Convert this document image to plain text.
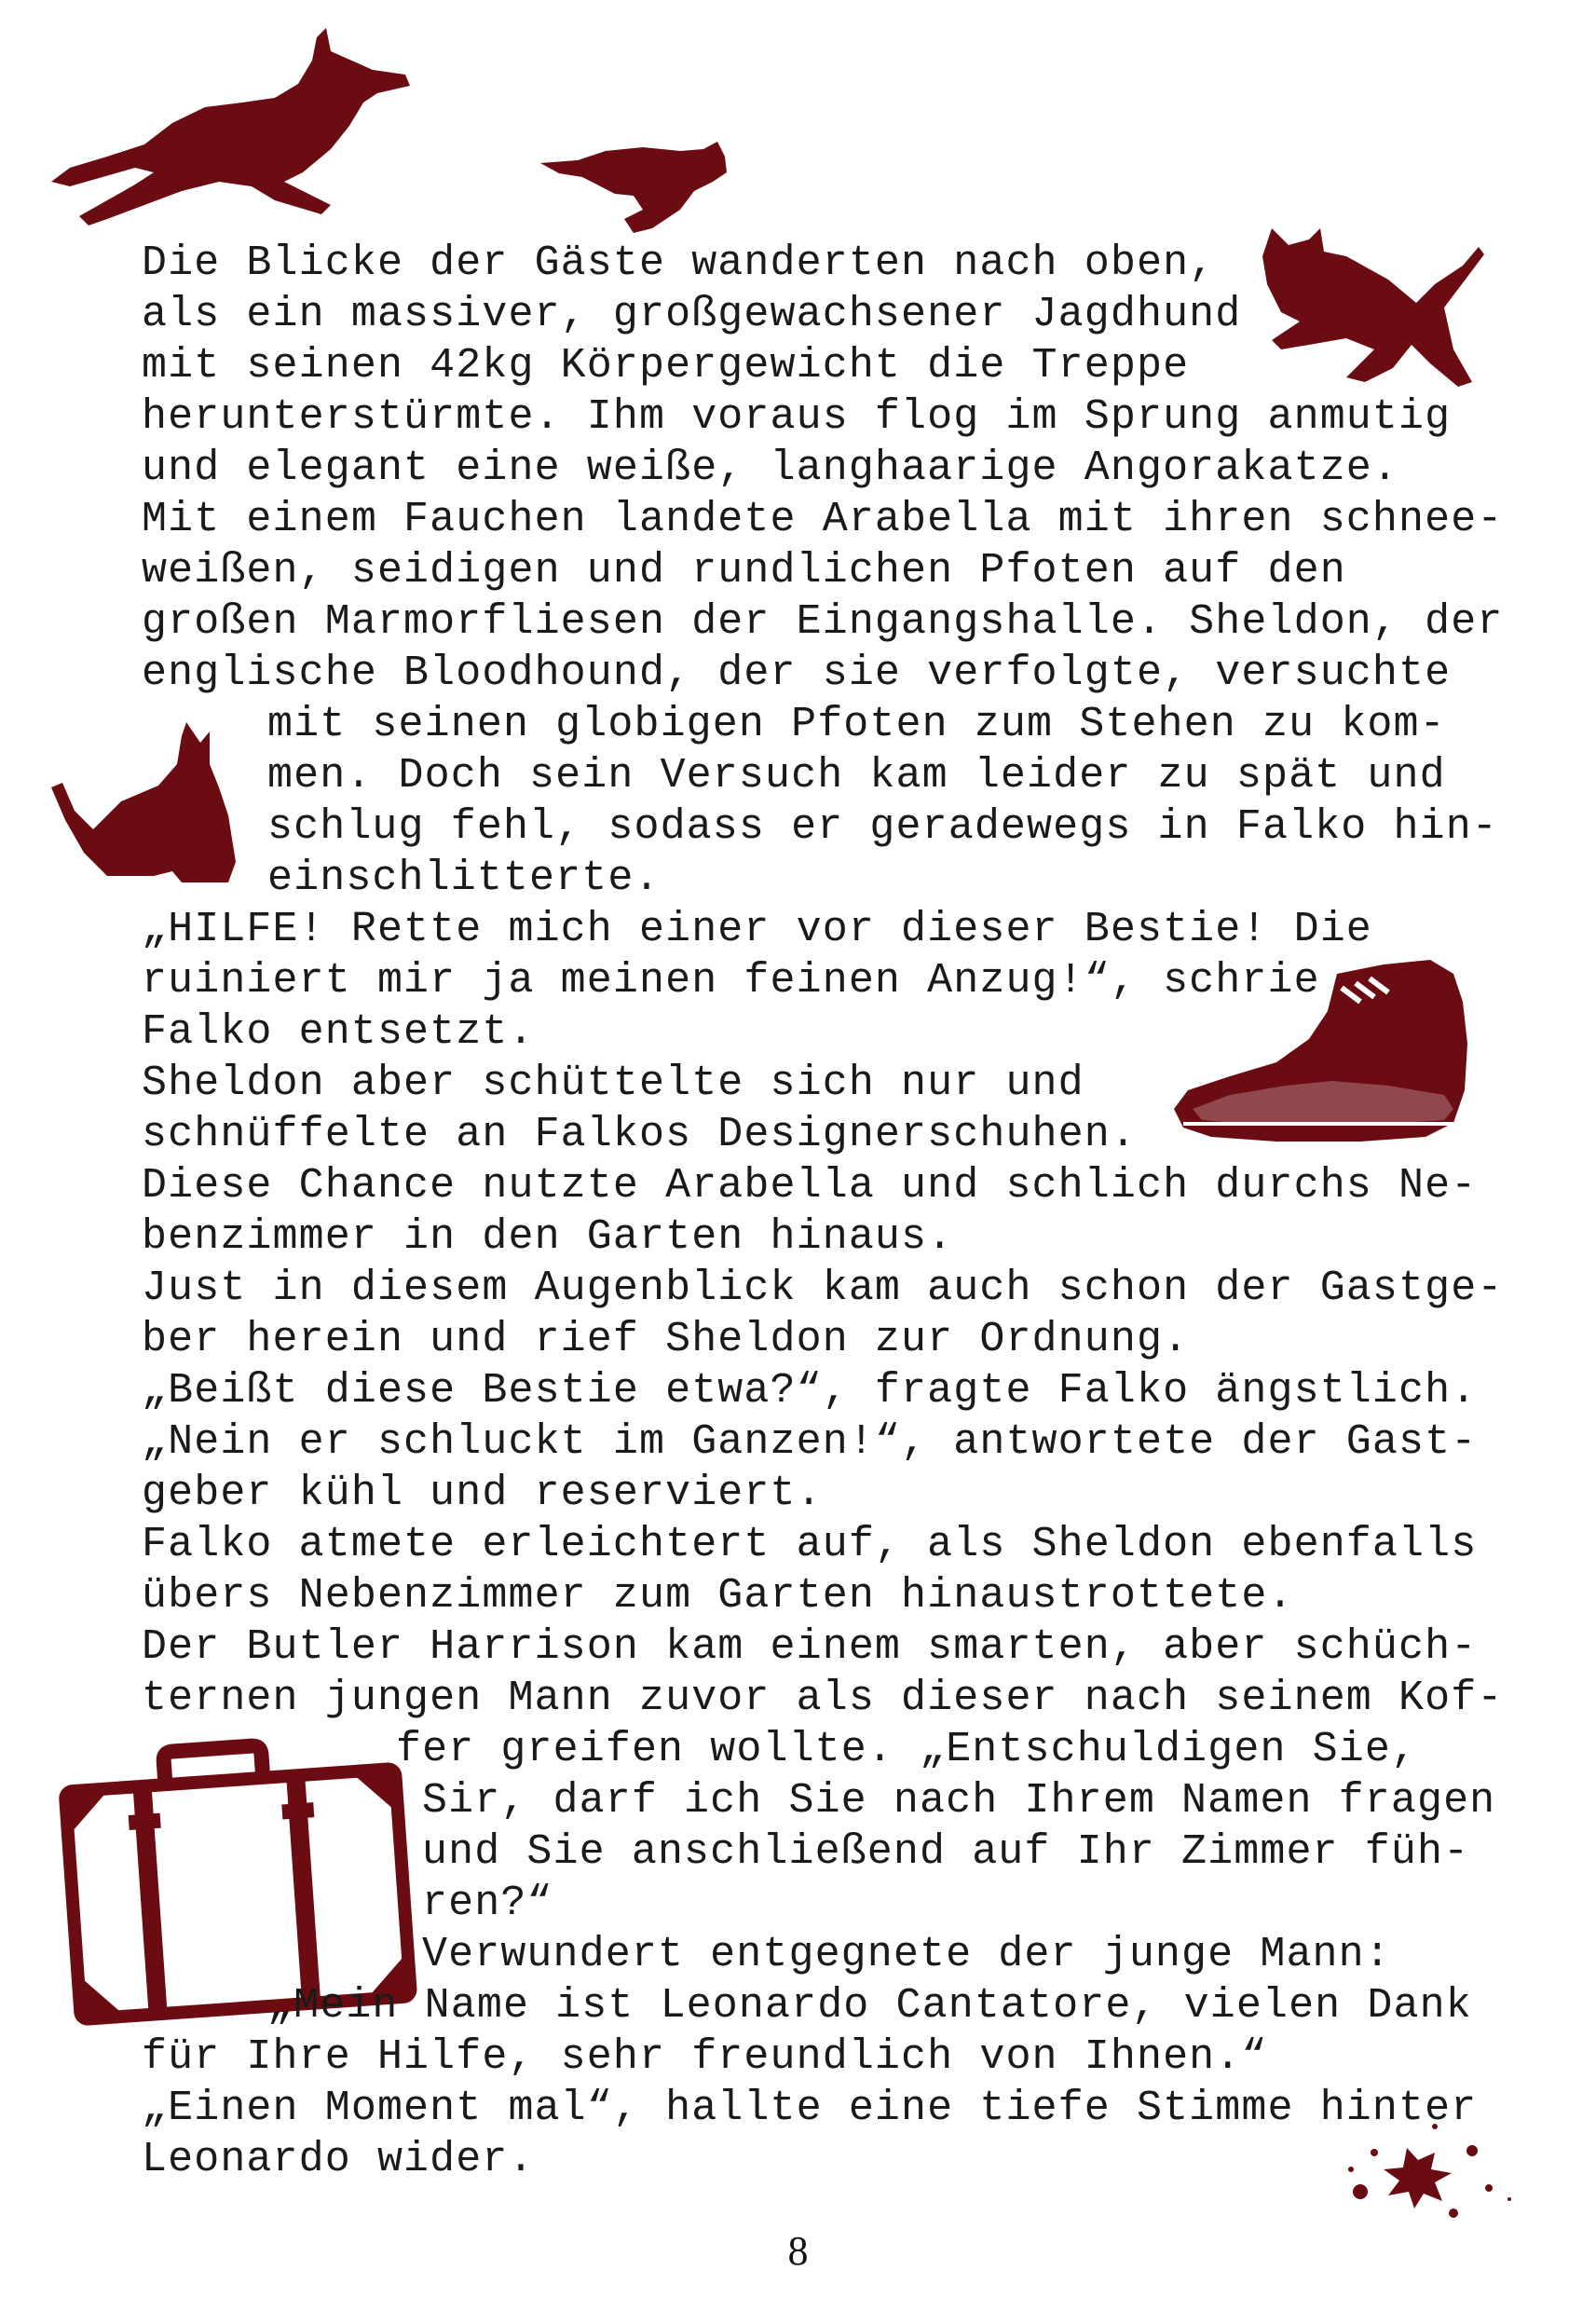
Die Blicke der Gäste wanderten nach oben,
als ein massiver, großgewachsener Jagdhund
mit seinen 42kg Körpergewicht die Treppe
herunterstürmte. Ihm voraus flog im Sprung anmutig
und elegant eine weiße, langhaarige Angorakatze.
Mit einem Fauchen landete Arabella mit ihren schnee-
weißen, seidigen und rundlichen Pfoten auf den
großen Marmorfliesen der Eingangshalle. Sheldon, der
englische Bloodhound, der sie verfolgte, versuchte
mit seinen globigen Pfoten zum Stehen zu kom-
men. Doch sein Versuch kam leider zu spät und
schlug fehl, sodass er geradewegs in Falko hin-
einschlitterte.
„HILFE! Rette mich einer vor dieser Bestie! Die
ruiniert mir ja meinen feinen Anzug!“, schrie
Falko entsetzt.
Sheldon aber schüttelte sich nur und
schnüffelte an Falkos Designerschuhen.
Diese Chance nutzte Arabella und schlich durchs Ne-
benzimmer in den Garten hinaus.
Just in diesem Augenblick kam auch schon der Gastge-
ber herein und rief Sheldon zur Ordnung.
„Beißt diese Bestie etwa?“, fragte Falko ängstlich.
„Nein er schluckt im Ganzen!“, antwortete der Gast-
geber kühl und reserviert.
Falko atmete erleichtert auf, als Sheldon ebenfalls
übers Nebenzimmer zum Garten hinaustrottete.
Der Butler Harrison kam einem smarten, aber schüch-
ternen jungen Mann zuvor als dieser nach seinem Kof-
fer greifen wollte. „Entschuldigen Sie,
Sir, darf ich Sie nach Ihrem Namen fragen
und Sie anschließend auf Ihr Zimmer füh-
ren?“
Verwundert entgegnete der junge Mann:
„Mein Name ist Leonardo Cantatore, vielen Dank
für Ihre Hilfe, sehr freundlich von Ihnen.“
„Einen Moment mal“, hallte eine tiefe Stimme hinter
Leonardo wider.
8
